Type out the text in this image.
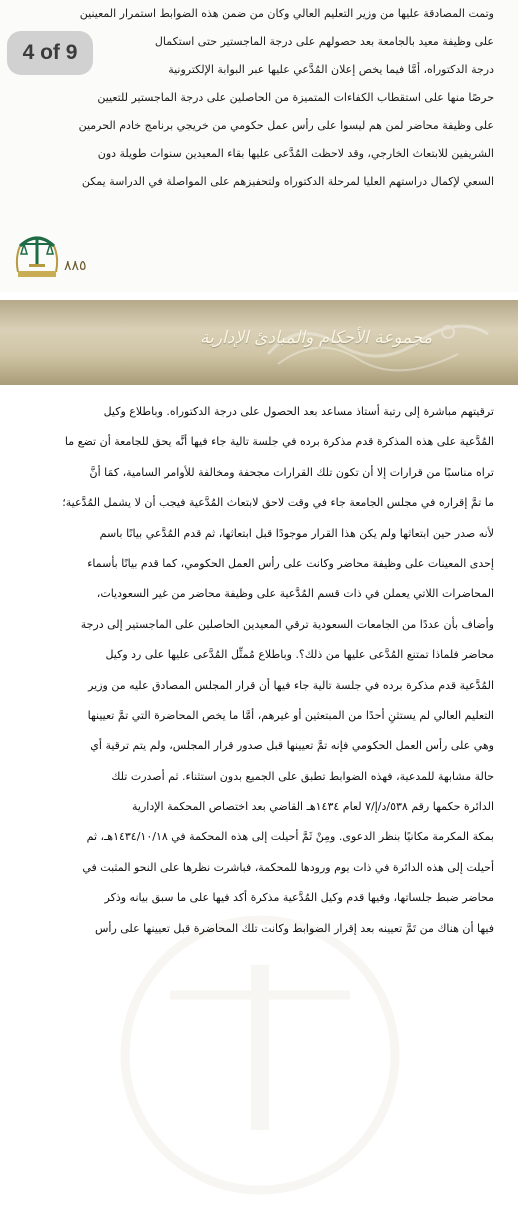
وتمت المصادقة عليها من وزير التعليم العالي وكان من ضمن هذه الضوابط استمرار المعينين
على وظيفة معيد بالجامعة بعد حصولهم على درجة الماجستير حتى استكمال
درجة الدكتوراه، أمَّا فيما يخص إعلان المُدَّعي عليها عبر البوابة الإلكترونية
حرصًا منها على استقطاب الكفاءات المتميزة من الحاصلين على درجة الماجستير للتعيين
على وظيفة محاضر لمن هم ليسوا على رأس عمل حكومي من خريجي برنامج خادم الحرمين
الشريفين للابتعاث الخارجي، وقد لاحظت المُدَّعى عليها بقاء المعيدين سنوات طويلة دون
السعي لإكمال دراستهم العليا لمرحلة الدكتوراه ولتحفيزهم على المواصلة في الدراسة يمكن
٨٨٥
4 of 9
مجموعة الأحكام والمبادئ الإدارية
ترقيتهم مباشرة إلى رتبة أستاذ مساعد بعد الحصول على درجة الدكتوراه. وباطلاع وكيل
المُدَّعية على هذه المذكرة قدم مذكرة برده في جلسة تالية جاء فيها أنَّه يحق للجامعة أن تضع ما
تراه مناسبًا من قرارات إلا أن تكون تلك القرارات مجحفة ومخالفة للأوامر السامية، كمَا أنَّ
ما تمَّ إقراره في مجلس الجامعة جاء في وقت لاحق لابتعاث المُدَّعية فيجب أن لا يشمل المُدَّعية؛
لأنه صدر حين ابتعاثها ولم يكن هذا القرار موجودًا قبل ابتعاثها، ثم قدم المُدَّعي بيانًا باسم
إحدى المعينات على وظيفة محاضر وكانت على رأس العمل الحكومي، كما قدم بيانًا بأسماء
المحاضرات اللاتي يعملن في ذات قسم المُدَّعية على وظيفة محاضر من غير السعوديات،
وأضاف بأن عددًا من الجامعات السعودية ترقي المعيدين الحاصلين على الماجستير إلى درجة
محاضر فلماذا تمتنع المُدَّعى عليها من ذلك؟. وباطلاع مُمثِّل المُدَّعى عليها على رد وكيل
المُدَّعية قدم مذكرة برده في جلسة تالية جاء فيها أن قرار المجلس المصادق عليه من وزير
التعليم العالي لم يستثنِ أحدًا من المبتعثين أو غيرهم، أمَّا ما يخص المحاضرة التي تمَّ تعيينها
وهي على رأس العمل الحكومي فإنه تمَّ تعيينها قبل صدور قرار المجلس، ولم يتم ترقية أي
حالة مشابهة للمدعية، فهذه الضوابط تطبق على الجميع بدون استثناء. ثم أصدرت تلك
الدائرة حكمها رقم ٥٣٨/د/إ/٧ لعام ١٤٣٤هـ القاضي بعد اختصاص المحكمة الإدارية
بمكة المكرمة مكانيًا بنظر الدعوى. ومِنْ ثَمَّ أحيلت إلى هذه المحكمة في ١٤٣٤/١٠/١٨هـ، ثم
أحيلت إلى هذه الدائرة في ذات يوم ورودها للمحكمة، فباشرت نظرها على النحو المثبت في
محاضر ضبط جلساتها، وفيها قدم وكيل المُدَّعية مذكرة أكد فيها على ما سبق بيانه وذكر
فيها أن هناك من تَمَّ تعيينه بعد إقرار الضوابط وكانت تلك المحاضرة قبل تعيينها على رأس
